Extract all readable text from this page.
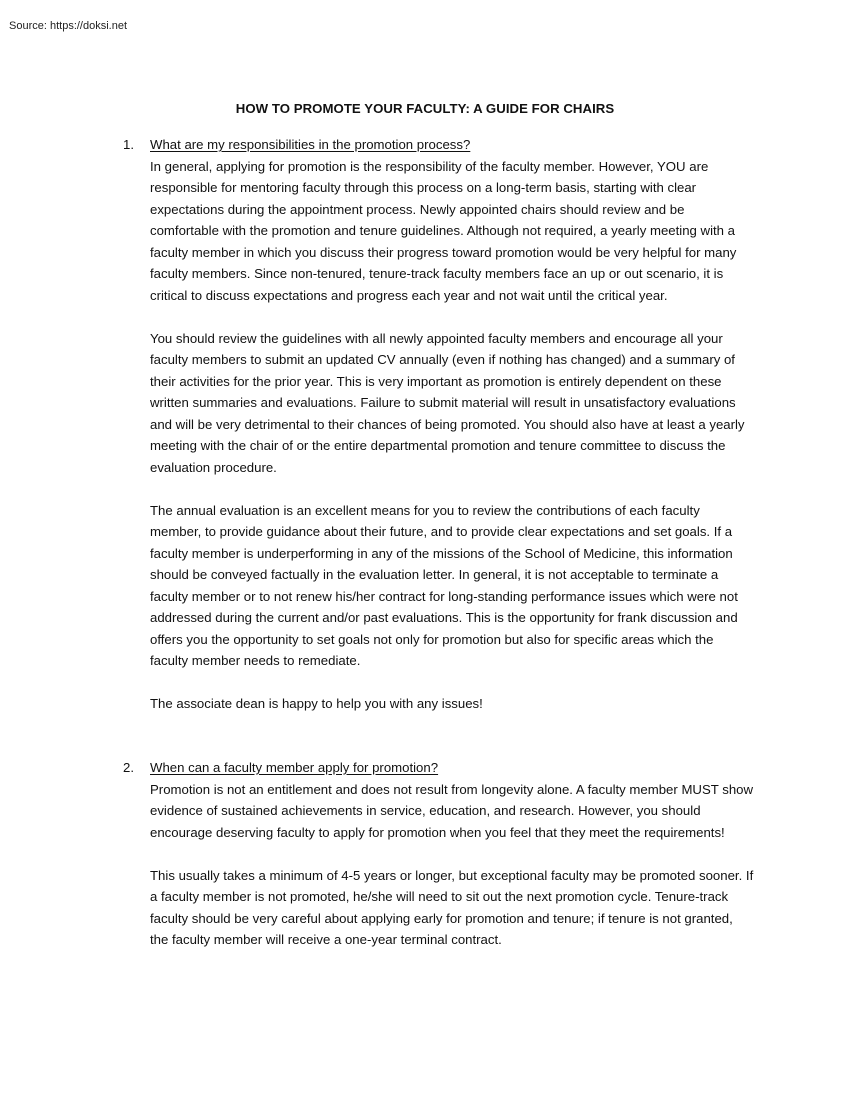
Source: https://doksi.net
HOW TO PROMOTE YOUR FACULTY: A GUIDE FOR CHAIRS
1. What are my responsibilities in the promotion process?

In general, applying for promotion is the responsibility of the faculty member. However, YOU are responsible for mentoring faculty through this process on a long-term basis, starting with clear expectations during the appointment process. Newly appointed chairs should review and be comfortable with the promotion and tenure guidelines. Although not required, a yearly meeting with a faculty member in which you discuss their progress toward promotion would be very helpful for many faculty members. Since non-tenured, tenure-track faculty members face an up or out scenario, it is critical to discuss expectations and progress each year and not wait until the critical year.

You should review the guidelines with all newly appointed faculty members and encourage all your faculty members to submit an updated CV annually (even if nothing has changed) and a summary of their activities for the prior year. This is very important as promotion is entirely dependent on these written summaries and evaluations. Failure to submit material will result in unsatisfactory evaluations and will be very detrimental to their chances of being promoted. You should also have at least a yearly meeting with the chair of or the entire departmental promotion and tenure committee to discuss the evaluation procedure.

The annual evaluation is an excellent means for you to review the contributions of each faculty member, to provide guidance about their future, and to provide clear expectations and set goals. If a faculty member is underperforming in any of the missions of the School of Medicine, this information should be conveyed factually in the evaluation letter. In general, it is not acceptable to terminate a faculty member or to not renew his/her contract for long-standing performance issues which were not addressed during the current and/or past evaluations. This is the opportunity for frank discussion and offers you the opportunity to set goals not only for promotion but also for specific areas which the faculty member needs to remediate.

The associate dean is happy to help you with any issues!

2. When can a faculty member apply for promotion?

Promotion is not an entitlement and does not result from longevity alone. A faculty member MUST show evidence of sustained achievements in service, education, and research. However, you should encourage deserving faculty to apply for promotion when you feel that they meet the requirements!

This usually takes a minimum of 4-5 years or longer, but exceptional faculty may be promoted sooner. If a faculty member is not promoted, he/she will need to sit out the next promotion cycle. Tenure-track faculty should be very careful about applying early for promotion and tenure; if tenure is not granted, the faculty member will receive a one-year terminal contract.
